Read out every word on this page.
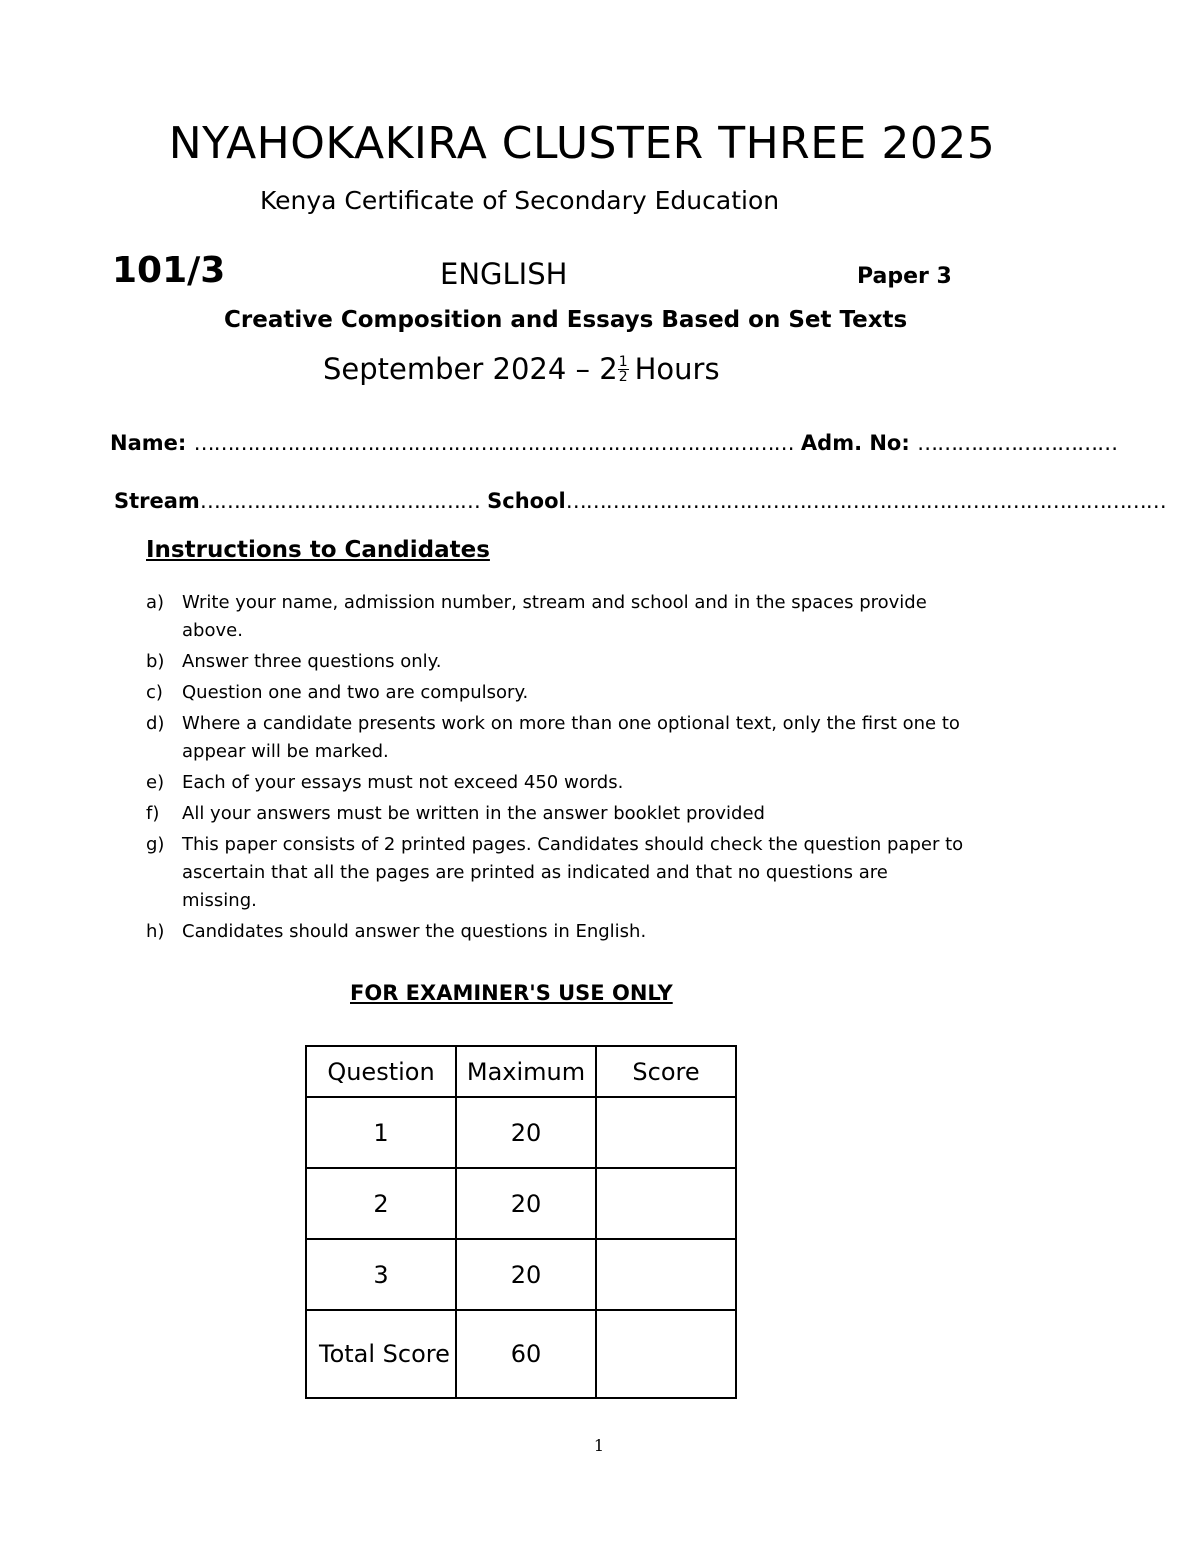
NYAHOKAKIRA CLUSTER THREE 2025
Kenya Certificate of Secondary Education
101/3	ENGLISH	Paper 3
Creative Composition and Essays Based on Set Texts
September $2024 - 2 \frac{1}{2}$ Hours
Name: ……………………………………………………………………………… Adm. No: …………………………
Stream…………………………………… School………………………………………………………………………………
Instructions to Candidates
a) Write your name, admission number, stream and school and in the spaces provide above.
b) Answer three questions only.
c) Question one and two are compulsory.
d) Where a candidate presents work on more than one optional text, only the first one to appear will be marked.
e) Each of your essays must not exceed 450 words.
f) All your answers must be written in the answer booklet provided
g) This paper consists of 2 printed pages. Candidates should check the question paper to ascertain that all the pages are printed as indicated and that no questions are missing.
h) Candidates should answer the questions in English.
FOR EXAMINER'S USE ONLY
Question	Maximum	Score
1	20	
2	20	
3	20	
Total Score	60	
1
